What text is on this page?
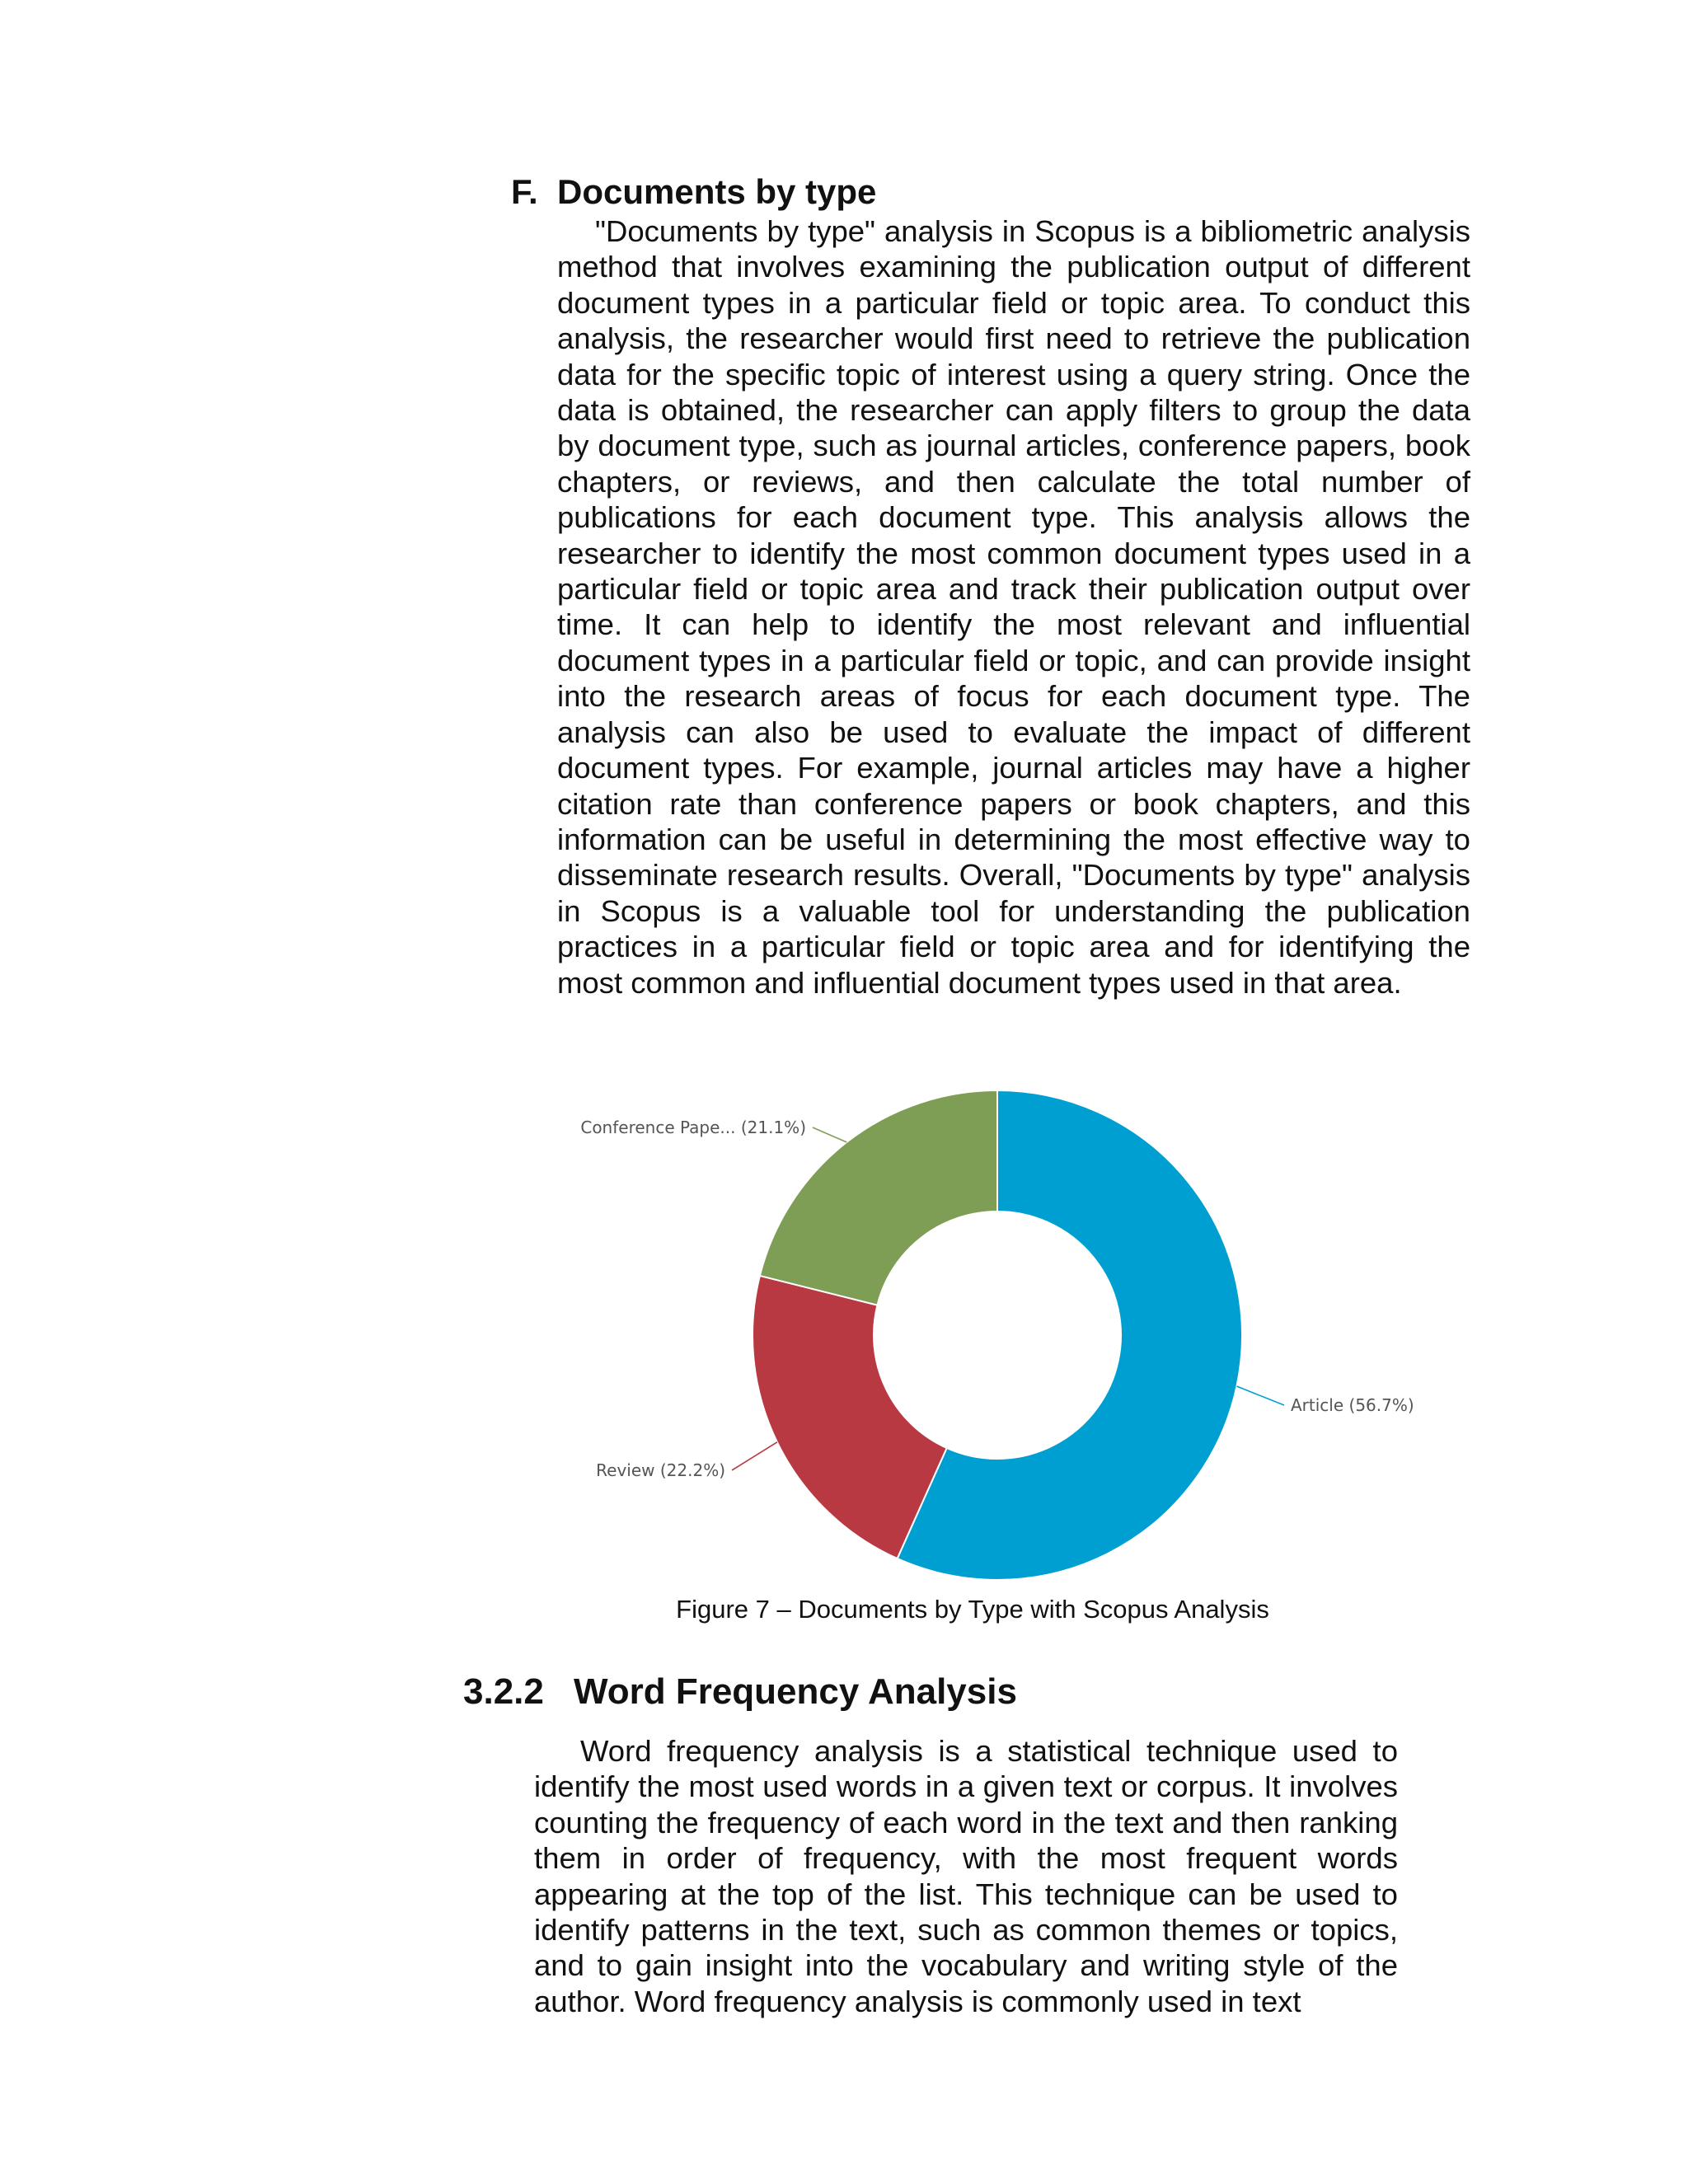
F. Documents by type

"Documents by type" analysis in Scopus is a bibliometric analysis method that involves examining the publication output of different document types in a particular field or topic area. To conduct this analysis, the researcher would first need to retrieve the publication data for the specific topic of interest using a query string. Once the data is obtained, the researcher can apply filters to group the data by document type, such as journal articles, conference papers, book chapters, or reviews, and then calculate the total number of publications for each document type. This analysis allows the researcher to identify the most common document types used in a particular field or topic area and track their publication output over time. It can help to identify the most relevant and influential document types in a particular field or topic, and can provide insight into the research areas of focus for each document type. The analysis can also be used to evaluate the impact of different document types. For example, journal articles may have a higher citation rate than conference papers or book chapters, and this information can be useful in determining the most effective way to disseminate research results. Overall, "Documents by type" analysis in Scopus is a valuable tool for understanding the publication practices in a particular field or topic area and for identifying the most common and influential document types used in that area.

Article (56.7%)
Review (22.2%)
Conference Pape... (21.1%)
Figure 7 – Documents by Type with Scopus Analysis
3.2.2 Word Frequency Analysis

Word frequency analysis is a statistical technique used to identify the most used words in a given text or corpus. It involves counting the frequency of each word in the text and then ranking them in order of frequency, with the most frequent words appearing at the top of the list. This technique can be used to identify patterns in the text, such as common themes or topics, and to gain insight into the vocabulary and writing style of the author. Word frequency analysis is commonly used in text
